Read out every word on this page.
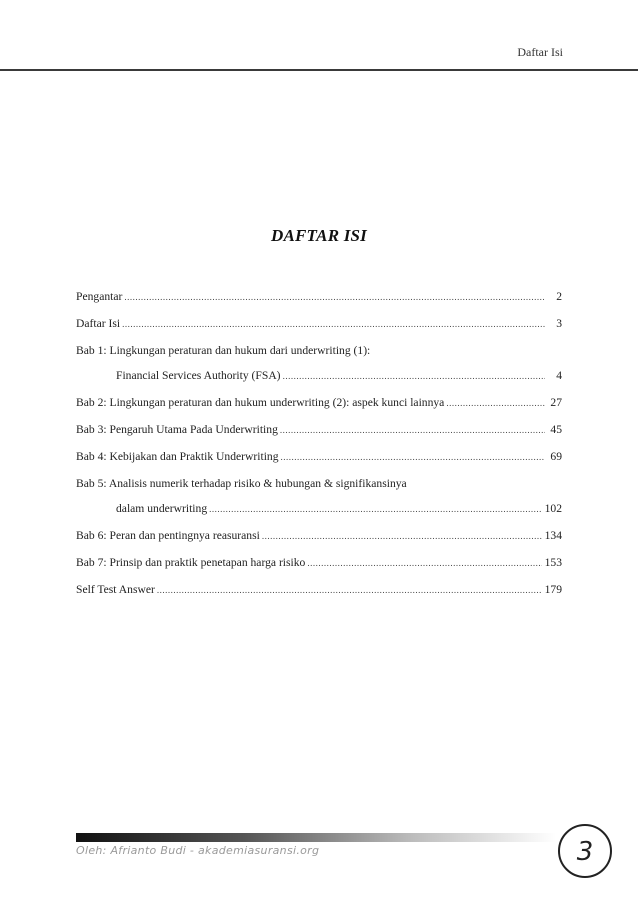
Daftar Isi
DAFTAR ISI
Pengantar .....	2
Daftar Isi .....	3
Bab 1: Lingkungan peraturan dan hukum dari underwriting (1):
Financial Services Authority (FSA) .....	4
Bab 2: Lingkungan peraturan dan hukum underwriting (2): aspek kunci lainnya .....	27
Bab 3: Pengaruh Utama Pada Underwriting .....	45
Bab 4: Kebijakan dan Praktik Underwriting .....	69
Bab 5: Analisis numerik terhadap risiko & hubungan & signifikansinya
dalam underwriting .....	102
Bab 6: Peran dan pentingnya reasuransi .....	134
Bab 7: Prinsip dan praktik penetapan harga risiko .....	153
Self Test Answer .....	179
Oleh: Afrianto Budi - akademiasuransi.org	3
